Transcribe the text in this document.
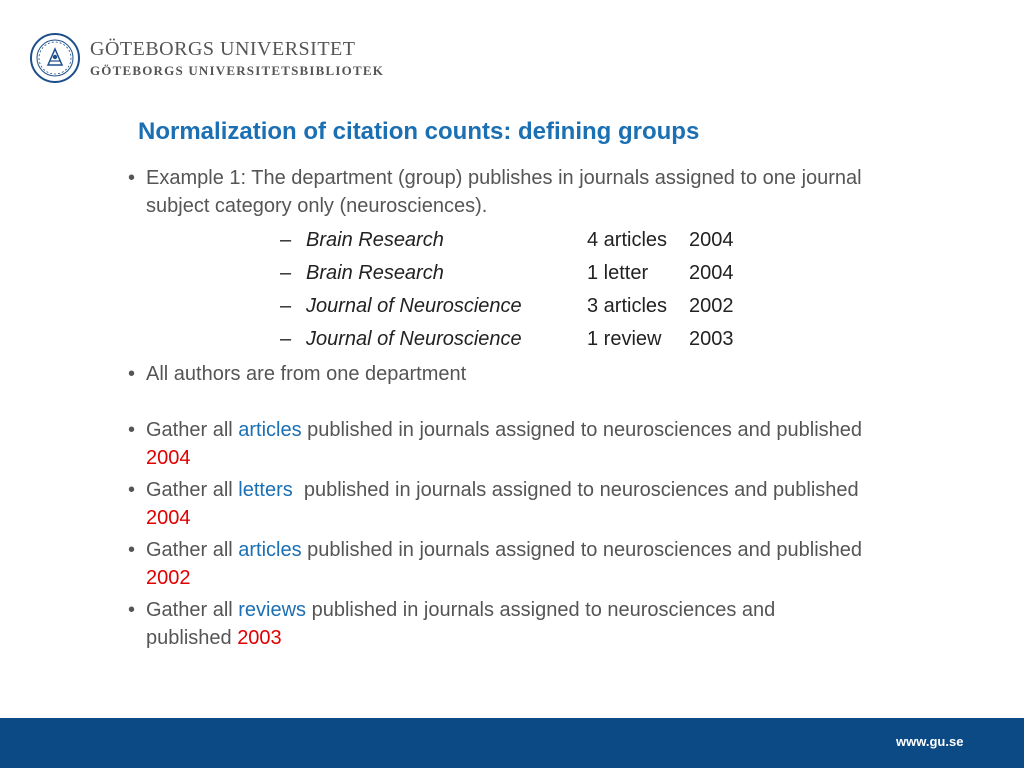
GÖTEBORGS UNIVERSITET
GÖTEBORGS UNIVERSITETSBIBLIOTEK
Normalization of citation counts: defining groups
• Example 1: The department (group) publishes in journals assigned to one journal subject category only (neurosciences).
– Brain Research	4 articles	2004
– Brain Research	1 letter	2004
– Journal of Neuroscience	3 articles	2002
– Journal of Neuroscience	1 review	2003
• All authors are from one department
• Gather all articles published in journals assigned to neurosciences and published 2004
• Gather all letters  published in journals assigned to neurosciences and published 2004
• Gather all articles published in journals assigned to neurosciences and published 2002
• Gather all reviews published in journals assigned to neurosciences and  published 2003
www.gu.se
